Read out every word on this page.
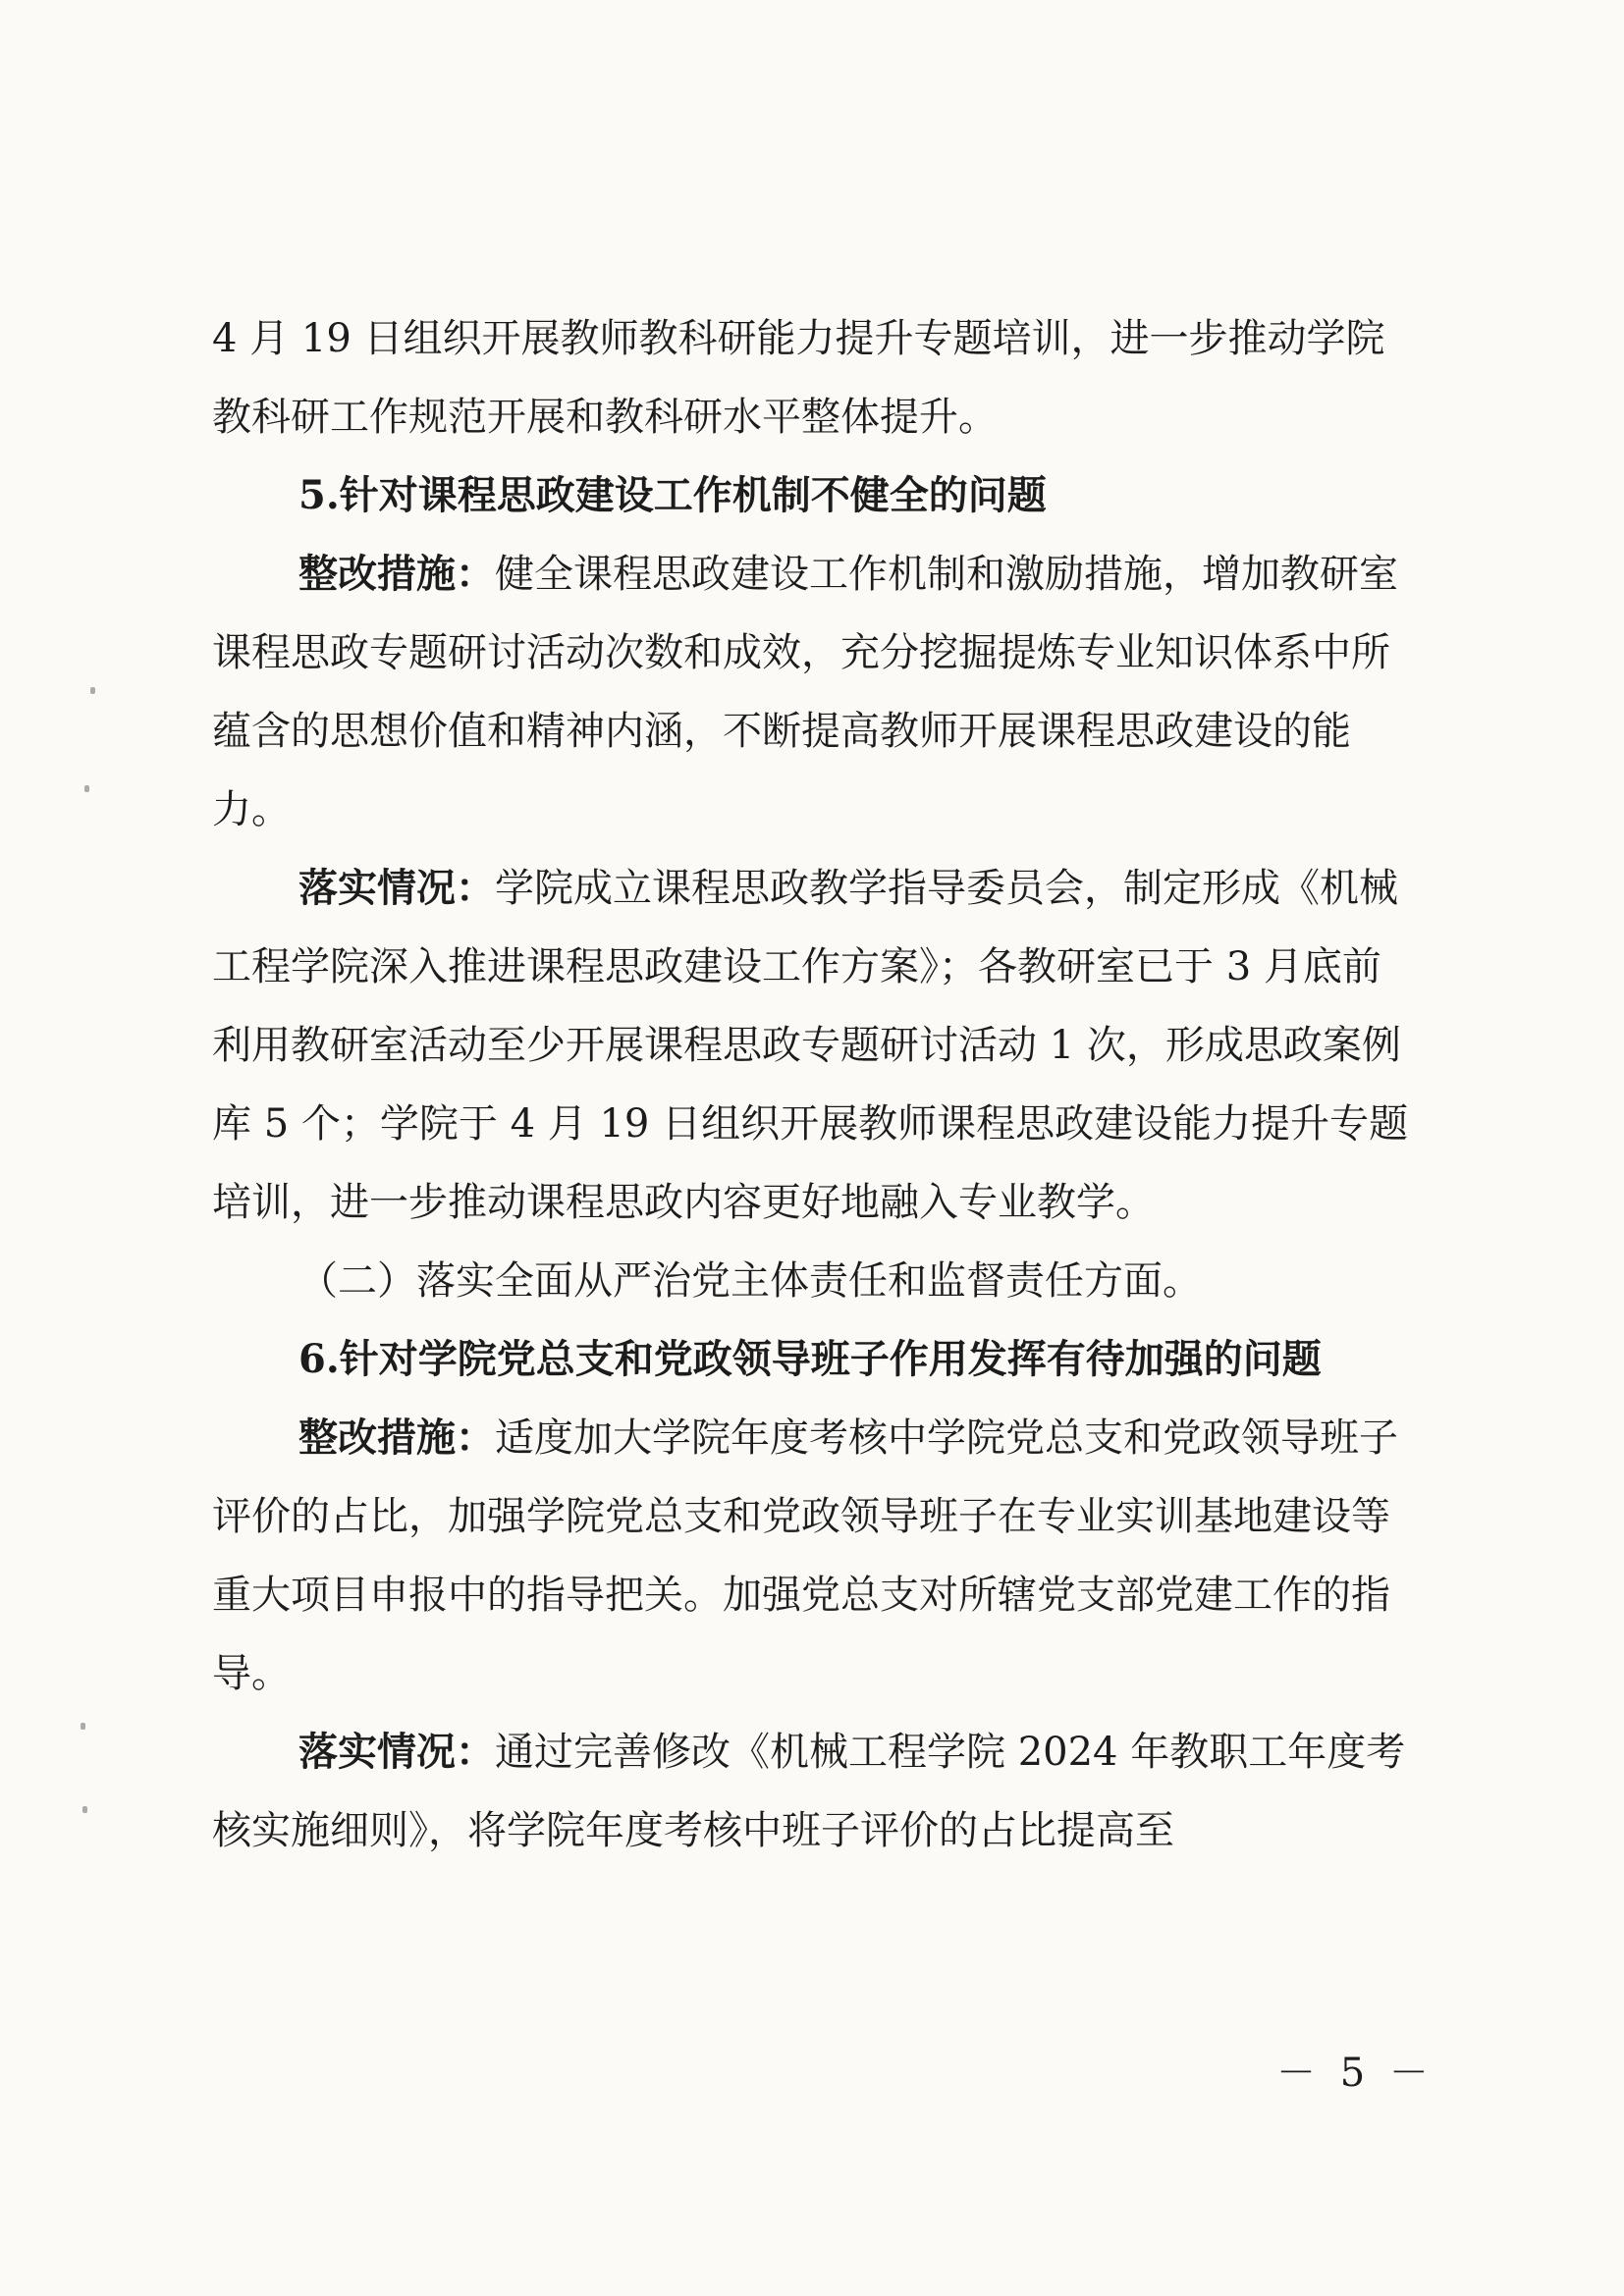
4 月 19 日组织开展教师教科研能力提升专题培训，进一步推动学院教科研工作规范开展和教科研水平整体提升。

5.针对课程思政建设工作机制不健全的问题

整改措施：健全课程思政建设工作机制和激励措施，增加教研室课程思政专题研讨活动次数和成效，充分挖掘提炼专业知识体系中所蕴含的思想价值和精神内涵，不断提高教师开展课程思政建设的能力。

落实情况：学院成立课程思政教学指导委员会，制定形成《机械工程学院深入推进课程思政建设工作方案》；各教研室已于 3 月底前利用教研室活动至少开展课程思政专题研讨活动 1 次，形成思政案例库 5 个；学院于 4 月 19 日组织开展教师课程思政建设能力提升专题培训，进一步推动课程思政内容更好地融入专业教学。

（二）落实全面从严治党主体责任和监督责任方面。

6.针对学院党总支和党政领导班子作用发挥有待加强的问题

整改措施：适度加大学院年度考核中学院党总支和党政领导班子评价的占比，加强学院党总支和党政领导班子在专业实训基地建设等重大项目申报中的指导把关。加强党总支对所辖党支部党建工作的指导。

落实情况：通过完善修改《机械工程学院 2024 年教职工年度考核实施细则》，将学院年度考核中班子评价的占比提高至

－ 5 －
